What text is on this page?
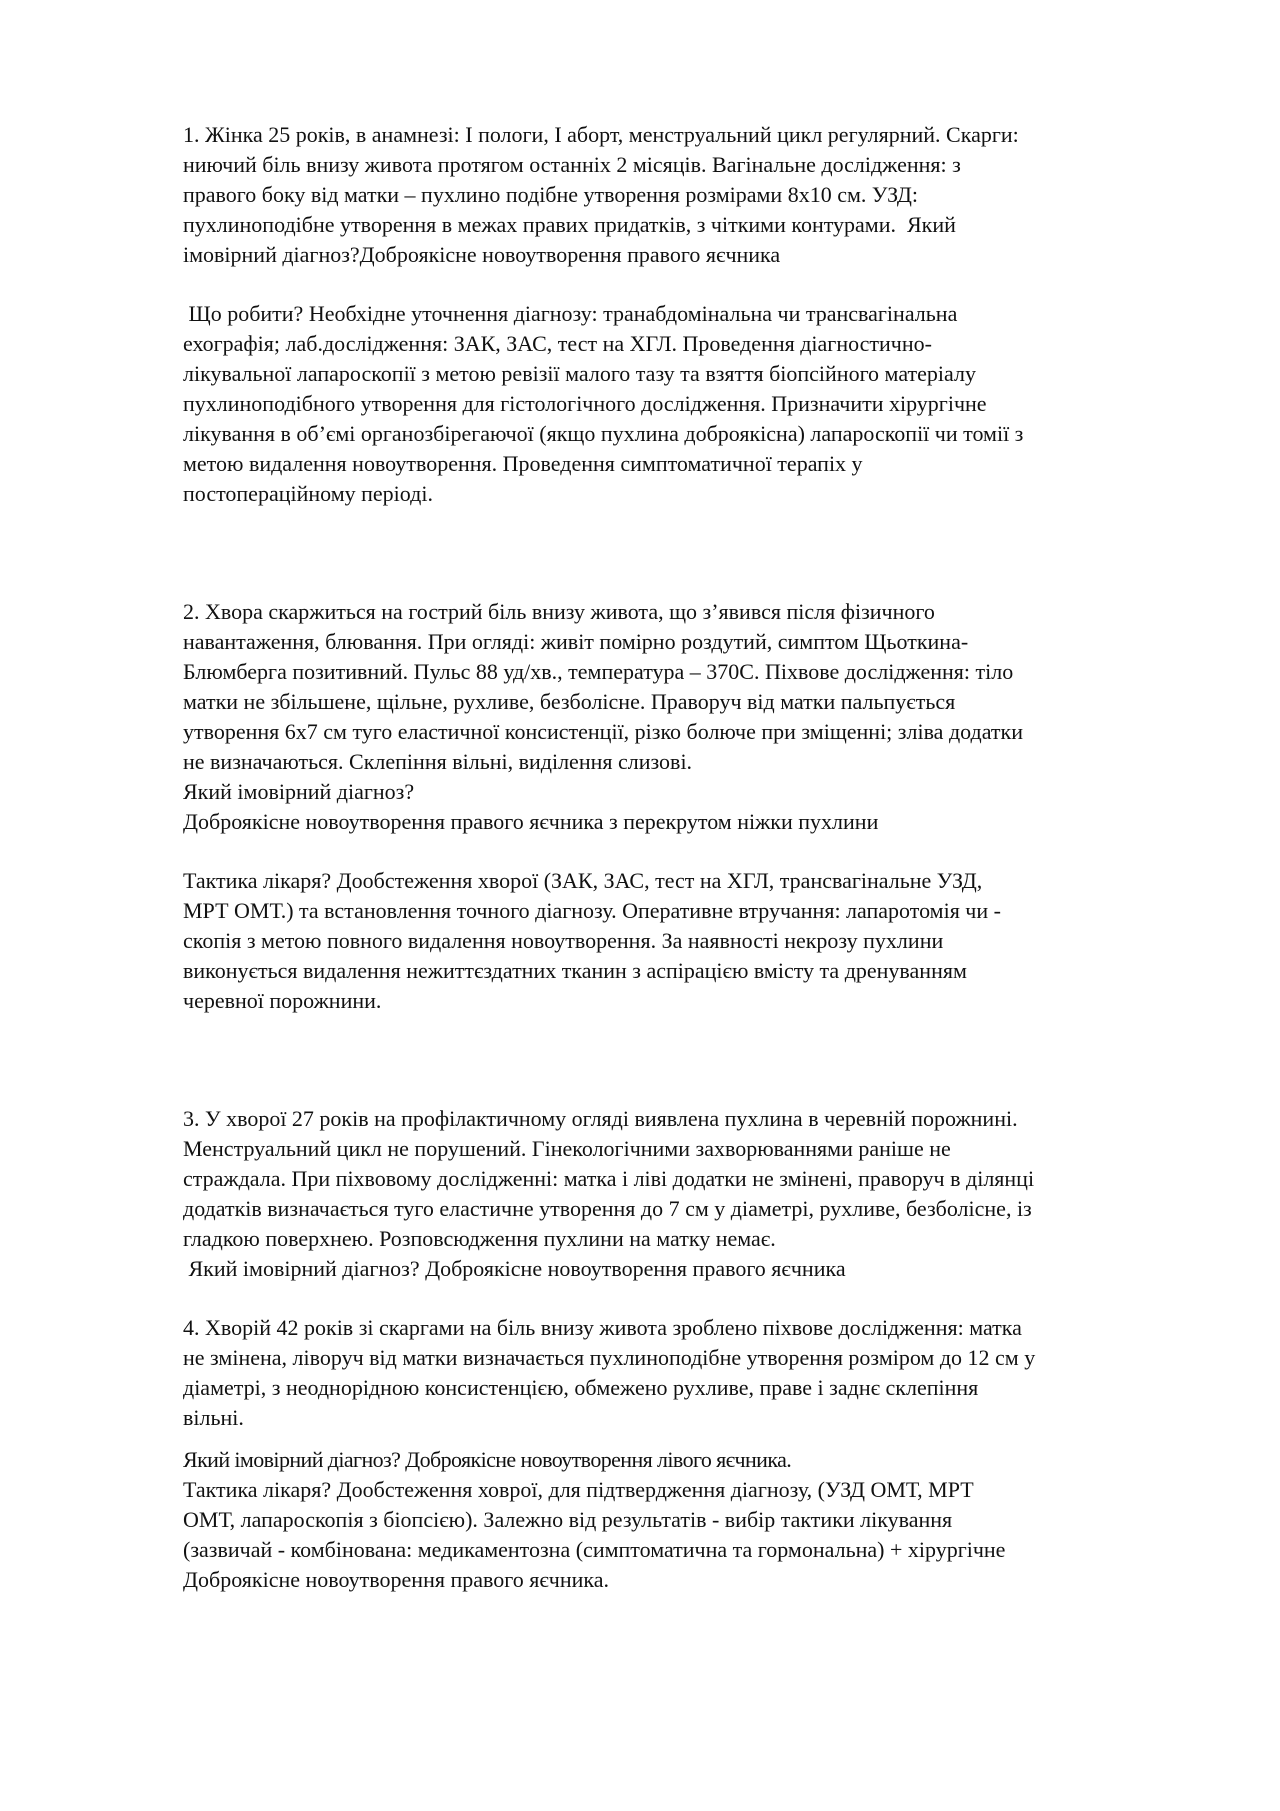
1. Жінка 25 років, в анамнезі: І пологи, І аборт, менструальний цикл регулярний. Скарги:
ниючий біль внизу живота протягом останніх 2 місяців. Вагінальне дослідження: з
правого боку від матки – пухлино подібне утворення розмірами 8х10 см. УЗД:
пухлиноподібне утворення в межах правих придатків, з чіткими контурами.  Який
імовірний діагноз?Доброякісне новоутворення правого яєчника
Що робити? Необхідне уточнення діагнозу: транабдомінальна чи трансвагінальна
ехографія; лаб.дослідження: ЗАК, ЗАС, тест на ХГЛ. Проведення діагностично-
лікувальної лапароскопії з метою ревізії малого тазу та взяття біопсійного матеріалу
пухлиноподібного утворення для гістологічного дослідження. Призначити хірургічне
лікування в об’ємі органозбірегаючої (якщо пухлина доброякісна) лапароскопії чи томії з
метою видалення новоутворення. Проведення симптоматичної терапіх у
постопераційному періоді.
2. Хвора скаржиться на гострий біль внизу живота, що з’явився після фізичного
навантаження, блювання. При огляді: живіт помірно роздутий, симптом Щьоткина-
Блюмберга позитивний. Пульс 88 уд/хв., температура – 370С. Піхвове дослідження: тіло
матки не збільшене, щільне, рухливе, безболісне. Праворуч від матки пальпується
утворення 6х7 см туго еластичної консистенції, різко болюче при зміщенні; зліва додатки
не визначаються. Склепіння вільні, виділення слизові.
Який імовірний діагноз?
Доброякісне новоутворення правого яєчника з перекрутом ніжки пухлини
Тактика лікаря? Дообстеження хворої (ЗАК, ЗАС, тест на ХГЛ, трансвагінальне УЗД,
МРТ ОМТ.) та встановлення точного діагнозу. Оперативне втручання: лапаротомія чи -
скопія з метою повного видалення новоутворення. За наявності некрозу пухлини
виконується видалення нежиттєздатних тканин з аспірацією вмісту та дренуванням
черевної порожнини.
3. У хворої 27 років на профілактичному огляді виявлена пухлина в черевній порожнині.
Менструальний цикл не порушений. Гінекологічними захворюваннями раніше не
страждала. При піхвовому дослідженні: матка і ліві додатки не змінені, праворуч в ділянці
додатків визначається туго еластичне утворення до 7 см у діаметрі, рухливе, безболісне, із
гладкою поверхнею. Розповсюдження пухлини на матку немає.
Який імовірний діагноз? Доброякісне новоутворення правого яєчника
4. Хворій 42 років зі скаргами на біль внизу живота зроблено піхвове дослідження: матка
не змінена, ліворуч від матки визначається пухлиноподібне утворення розміром до 12 см у
діаметрі, з неоднорідною консистенцією, обмежено рухливе, праве і заднє склепіння
вільні.
Який імовірний діагноз? Доброякісне новоутворення лівого яєчника.
Тактика лікаря? Дообстеження ховрої, для підтвердження діагнозу, (УЗД ОМТ, МРТ
ОМТ, лапароскопія з біопсією). Залежно від результатів - вибір тактики лікування
(зазвичай - комбінована: медикаментозна (симптоматична та гормональна) + хірургічне
Доброякісне новоутворення правого яєчника.
